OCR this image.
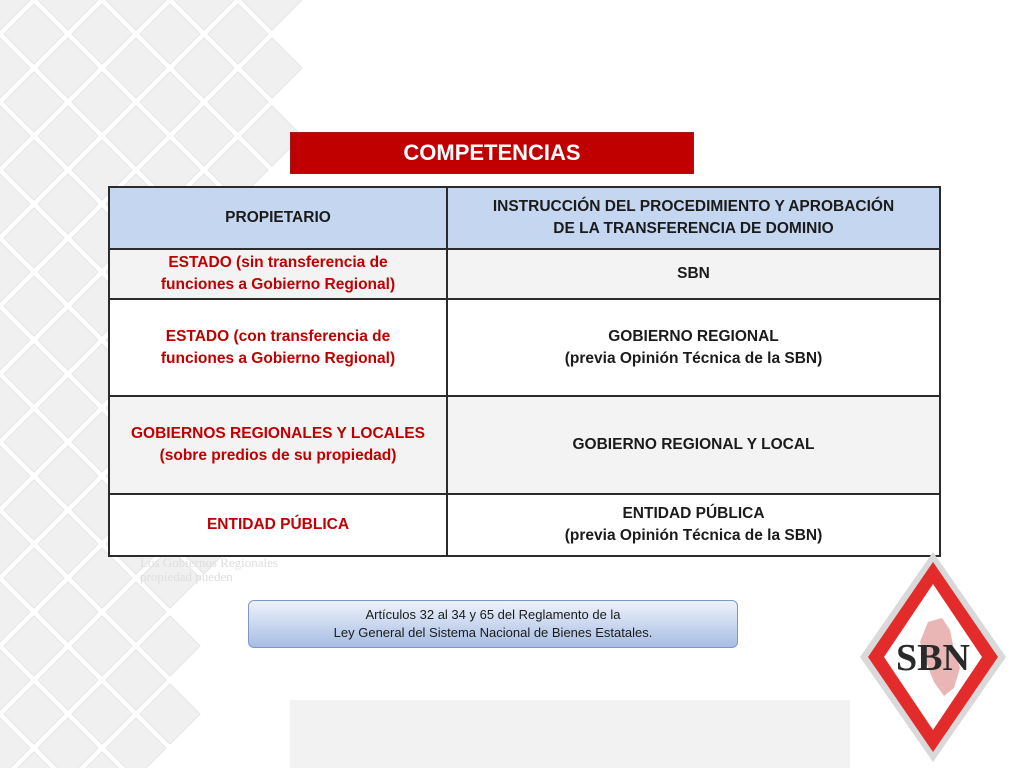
COMPETENCIAS
PROPIETARIO	INSTRUCCIÓN DEL PROCEDIMIENTO Y APROBACIÓN
DE LA TRANSFERENCIA DE DOMINIO

ESTADO (sin transferencia de
funciones a Gobierno Regional)	SBN

ESTADO (con transferencia de
funciones a Gobierno Regional)	GOBIERNO REGIONAL
(previa Opinión Técnica de la SBN)

GOBIERNOS REGIONALES Y LOCALES
(sobre predios de su propiedad)	GOBIERNO REGIONAL Y LOCAL

ENTIDAD PÚBLICA	ENTIDAD PÚBLICA
(previa Opinión Técnica de la SBN)
Los Gobiernos Regionales
propiedad pueden
Artículos 32 al 34 y 65 del Reglamento de la
Ley General del Sistema Nacional de Bienes Estatales.
SBN
